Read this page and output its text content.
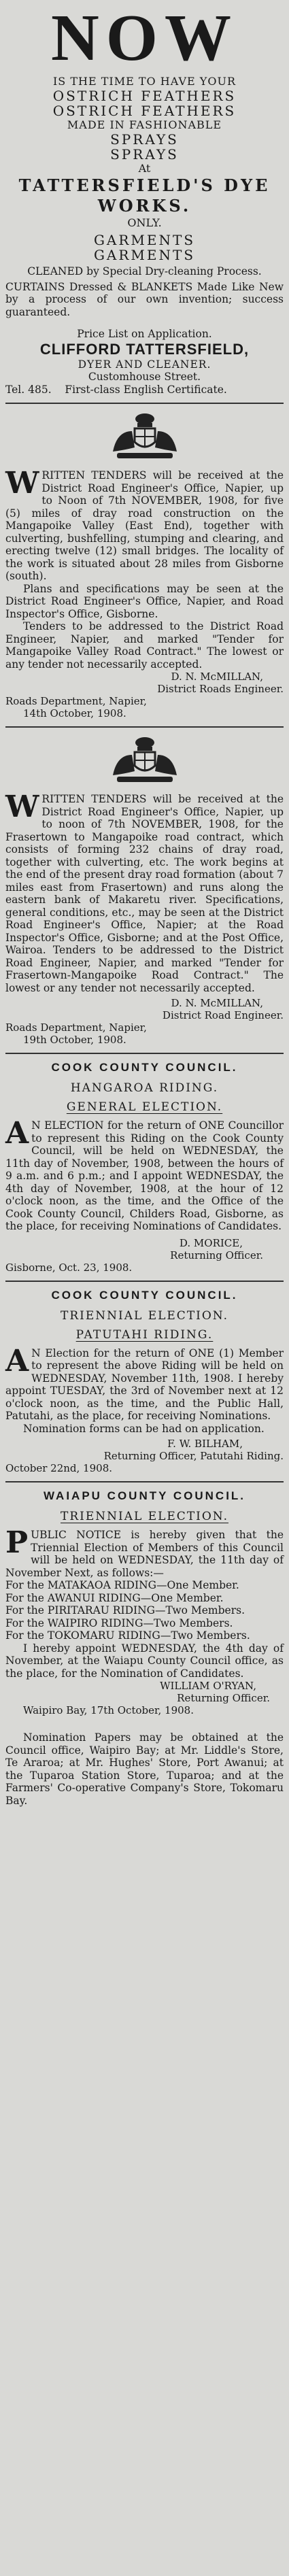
NOW
IS THE TIME TO HAVE YOUR
OSTRICH FEATHERS
OSTRICH FEATHERS
MADE IN FASHIONABLE
SPRAYS
SPRAYS
At
TATTERSFIELD'S DYE WORKS.
ONLY.
GARMENTS
GARMENTS

CLEANED by Special Dry-cleaning Process.

CURTAINS Dressed & BLANKETS Made Like New by a process of our own invention; success guaranteed.

Price List on Application.

CLIFFORD TATTERSFIELD,

DYER AND CLEANER.

Customhouse Street.

Tel. 485. First-class English Certificate.

WRITTEN TENDERS will be received at the District Road Engineer's Office, Napier, up to Noon of 7th NOVEMBER, 1908, for five (5) miles of dray road construction on the Mangapoike Valley (East End), together with culverting, bushfelling, stumping and clearing, and erecting twelve (12) small bridges. The locality of the work is situated about 28 miles from Gisborne (south).

Plans and specifications may be seen at the District Road Engineer's Office, Napier, and Road Inspector's Office, Gisborne.

Tenders to be addressed to the District Road Engineer, Napier, and marked "Tender for Mangapoike Valley Road Contract." The lowest or any tender not necessarily accepted.

D. N. McMILLAN,

District Roads Engineer.

Roads Department, Napier,

14th October, 1908.

WRITTEN TENDERS will be received at the District Road Engineer's Office, Napier, up to noon of 7th NOVEMBER, 1908, for the Frasertown to Mangapoike road contract, which consists of forming 232 chains of dray road, together with culverting, etc. The work begins at the end of the present dray road formation (about 7 miles east from Frasertown) and runs along the eastern bank of Makaretu river. Specifications, general conditions, etc., may be seen at the District Road Engineer's Office, Napier; at the Road Inspector's Office, Gisborne; and at the Post Office, Wairoa. Tenders to be addressed to the District Road Engineer, Napier, and marked "Tender for Frasertown-Mangapoike Road Contract." The lowest or any tender not necessarily accepted.

D. N. McMILLAN,

District Road Engineer.

Roads Department, Napier,

19th October, 1908.

COOK COUNTY COUNCIL.
HANGAROA RIDING.
GENERAL ELECTION.

A N ELECTION for the return of ONE Councillor to represent this Riding on the Cook County Council, will be held on WEDNESDAY, the 11th day of November, 1908, between the hours of 9 a.m. and 6 p.m.; and I appoint WEDNESDAY, the 4th day of November, 1908, at the hour of 12 o'clock noon, as the time, and the Office of the Cook County Council, Childers Road, Gisborne, as the place, for receiving Nominations of Candidates.

D. MORICE,

Returning Officer.

Gisborne, Oct. 23, 1908.

COOK COUNTY COUNCIL.
TRIENNIAL ELECTION.
PATUTAHI RIDING.

A N Election for the return of ONE (1) Member to represent the above Riding will be held on WEDNESDAY, November 11th, 1908. I hereby appoint TUESDAY, the 3rd of November next at 12 o'clock noon, as the time, and the Public Hall, Patutahi, as the place, for receiving Nominations.

Nomination forms can be had on application.

F. W. BILHAM,

Returning Officer, Patutahi Riding.

October 22nd, 1908.

WAIAPU COUNTY COUNCIL.
TRIENNIAL ELECTION.

PUBLIC NOTICE is hereby given that the Triennial Election of Members of this Council will be held on WEDNESDAY, the 11th day of November Next, as follows:—

For the MATAKAOA RIDING—One Member.
For the AWANUI RIDING—One Member.
For the PIRITARAU RIDING—Two Members.
For the WAIPIRO RIDING—Two Members.
For the TOKOMARU RIDING—Two Members.

I hereby appoint WEDNESDAY, the 4th day of November, at the Waiapu County Council office, as the place, for the Nomination of Candidates.

WILLIAM O'RYAN,

Returning Officer.

Waipiro Bay, 17th October, 1908.

Nomination Papers may be obtained at the Council office, Waipiro Bay; at Mr. Liddle's Store, Te Araroa; at Mr. Hughes' Store, Port Awanui; at the Tuparoa Station Store, Tuparoa; and at the Farmers' Co-operative Company's Store, Tokomaru Bay.
